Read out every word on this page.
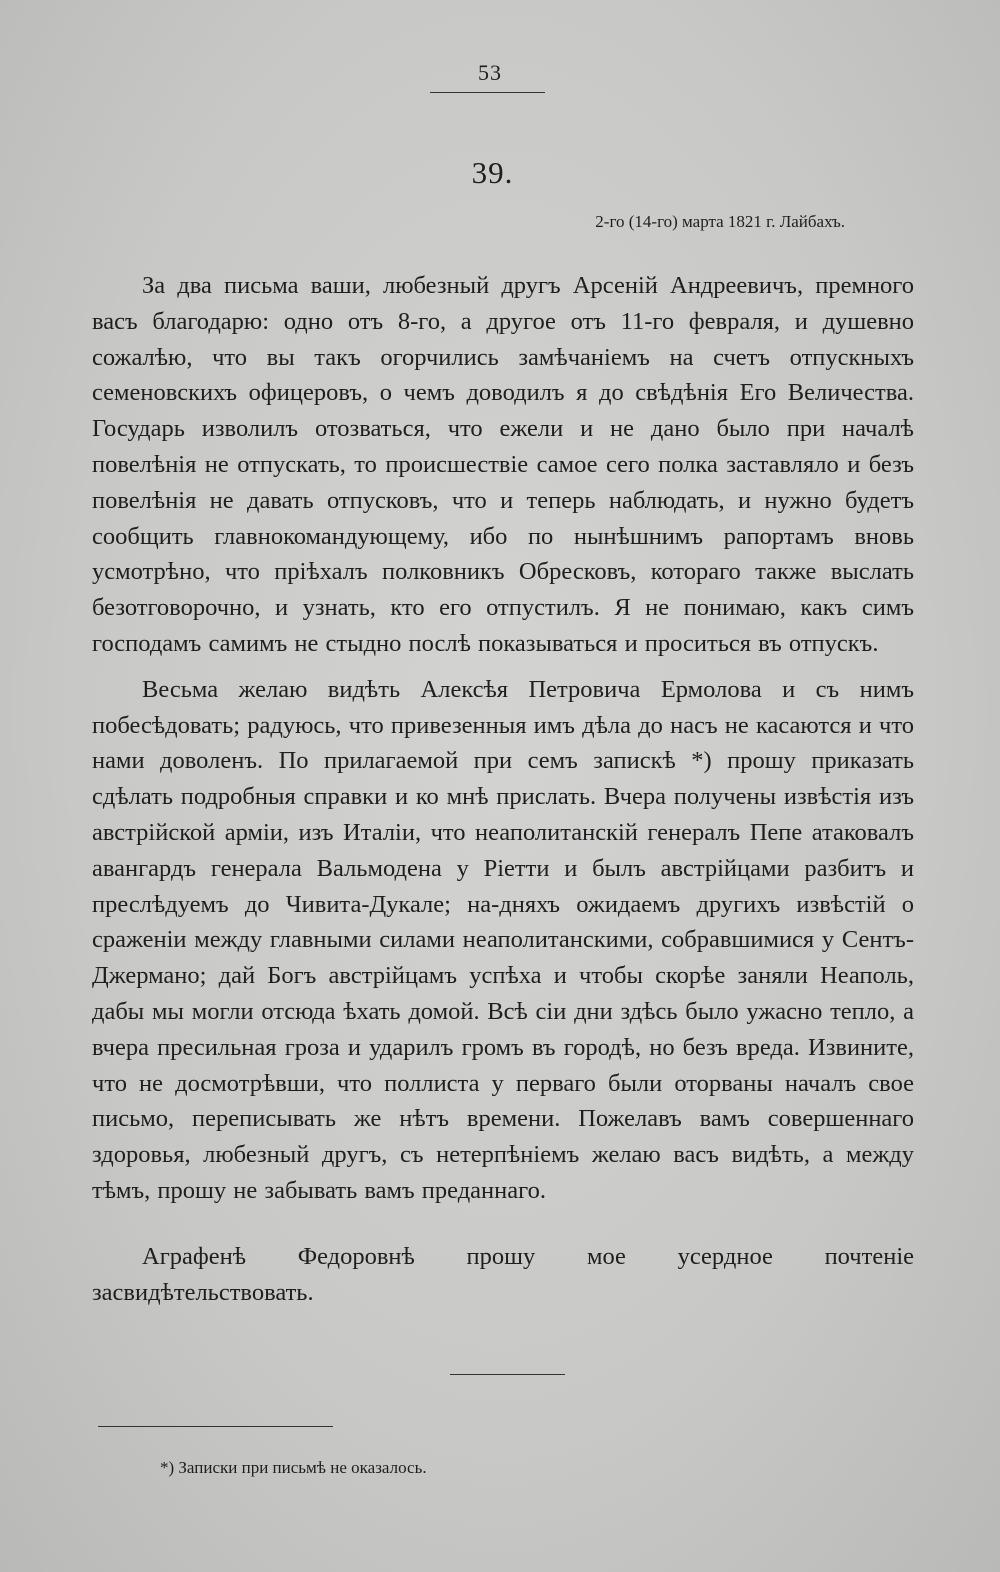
53
39.
2-го (14-го) марта 1821 г. Лайбахъ.

За два письма ваши, любезный другъ Арсеній Андреевичъ, премного васъ благодарю: одно отъ 8-го, а другое отъ 11-го февраля, и душевно сожалѣю, что вы такъ огорчились замѣчаніемъ на счетъ отпускныхъ семеновскихъ офицеровъ, о чемъ доводилъ я до свѣдѣнія Его Величества. Государь изволилъ отозваться, что ежели и не дано было при началѣ повелѣнія не отпускать, то происшествіе самое сего полка заставляло и безъ повелѣнія не давать отпусковъ, что и теперь наблюдать, и нужно будетъ сообщить главнокомандующему, ибо по нынѣшнимъ рапортамъ вновь усмотрѣно, что пріѣхалъ полковникъ Обресковъ, котораго также выслать безотговорочно, и узнать, кто его отпустилъ. Я не понимаю, какъ симъ господамъ самимъ не стыдно послѣ показываться и проситься въ отпускъ.

Весьма желаю видѣть Алексѣя Петровича Ермолова и съ нимъ побесѣдовать; радуюсь, что привезенныя имъ дѣла до насъ не касаются и что нами доволенъ. По прилагаемой при семъ запискѣ *) прошу приказать сдѣлать подробныя справки и ко мнѣ прислать. Вчера получены извѣстія изъ австрійской арміи, изъ Италіи, что неаполитанскій генералъ Пепе атаковалъ авангардъ генерала Вальмодена у Ріетти и былъ австрійцами разбитъ и преслѣдуемъ до Чивита-Дукале; на-дняхъ ожидаемъ другихъ извѣстій о сраженіи между главными силами неаполитанскими, собравшимися у Сентъ-Джермано; дай Богъ австрійцамъ успѣха и чтобы скорѣе заняли Неаполь, дабы мы могли отсюда ѣхать домой. Всѣ сіи дни здѣсь было ужасно тепло, а вчера пресильная гроза и ударилъ громъ въ городѣ, но безъ вреда. Извините, что не досмотрѣвши, что поллиста у перваго были оторваны началъ свое письмо, переписывать же нѣтъ времени. Пожелавъ вамъ совершеннаго здоровья, любезный другъ, съ нетерпѣніемъ желаю васъ видѣть, а между тѣмъ, прошу не забывать вамъ преданнаго.

Аграфенѣ Федоровнѣ прошу мое усердное почтеніе засвидѣтельствовать.

*) Записки при письмѣ не оказалось.
